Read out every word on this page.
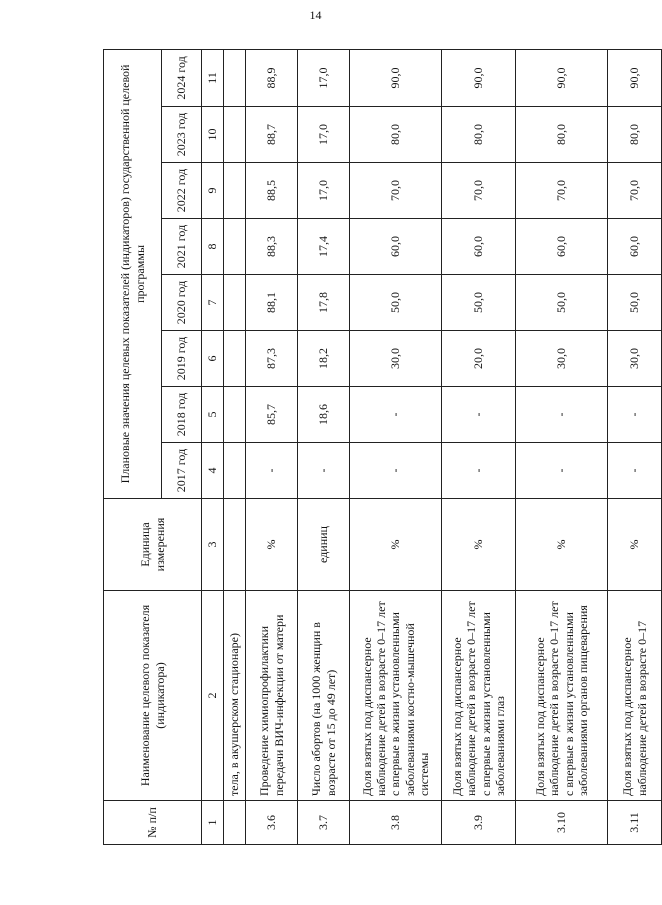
14
№ п/п	Наименование целевого показателя (индикатора)	Единица измерения	Плановые значения целевых показателей (индикаторов) государственной целевой программы							
			2017 год	2018 год	2019 год	2020 год	2021 год	2022 год	2023 год	2024 год
1	2	3	4	5	6	7	8	9	10	11
	тела, в акушерском стационаре)									
3.6	Проведение химиопрофилактики передачи ВИЧ-инфекции от матери	%	-	85,7	87,3	88,1	88,3	88,5	88,7	88,9
3.7	Число абортов (на 1000 женщин в возрасте от 15 до 49 лет)	единиц	-	18,6	18,2	17,8	17,4	17,0	17,0	17,0
3.8	Доля взятых под диспансерное наблюдение детей в возрасте 0–17 лет с впервые в жизни установленными заболеваниями костно-мышечной системы	%	-	-	30,0	50,0	60,0	70,0	80,0	90,0
3.9	Доля взятых под диспансерное наблюдение детей в возрасте 0–17 лет с впервые в жизни установленными заболеваниями глаз	%	-	-	20,0	50,0	60,0	70,0	80,0	90,0
3.10	Доля взятых под диспансерное наблюдение детей в возрасте 0–17 лет с впервые в жизни установленными заболеваниями органов пищеварения	%	-	-	30,0	50,0	60,0	70,0	80,0	90,0
3.11	Доля взятых под диспансерное наблюдение детей в возрасте 0–17	%	-	-	30,0	50,0	60,0	70,0	80,0	90,0
